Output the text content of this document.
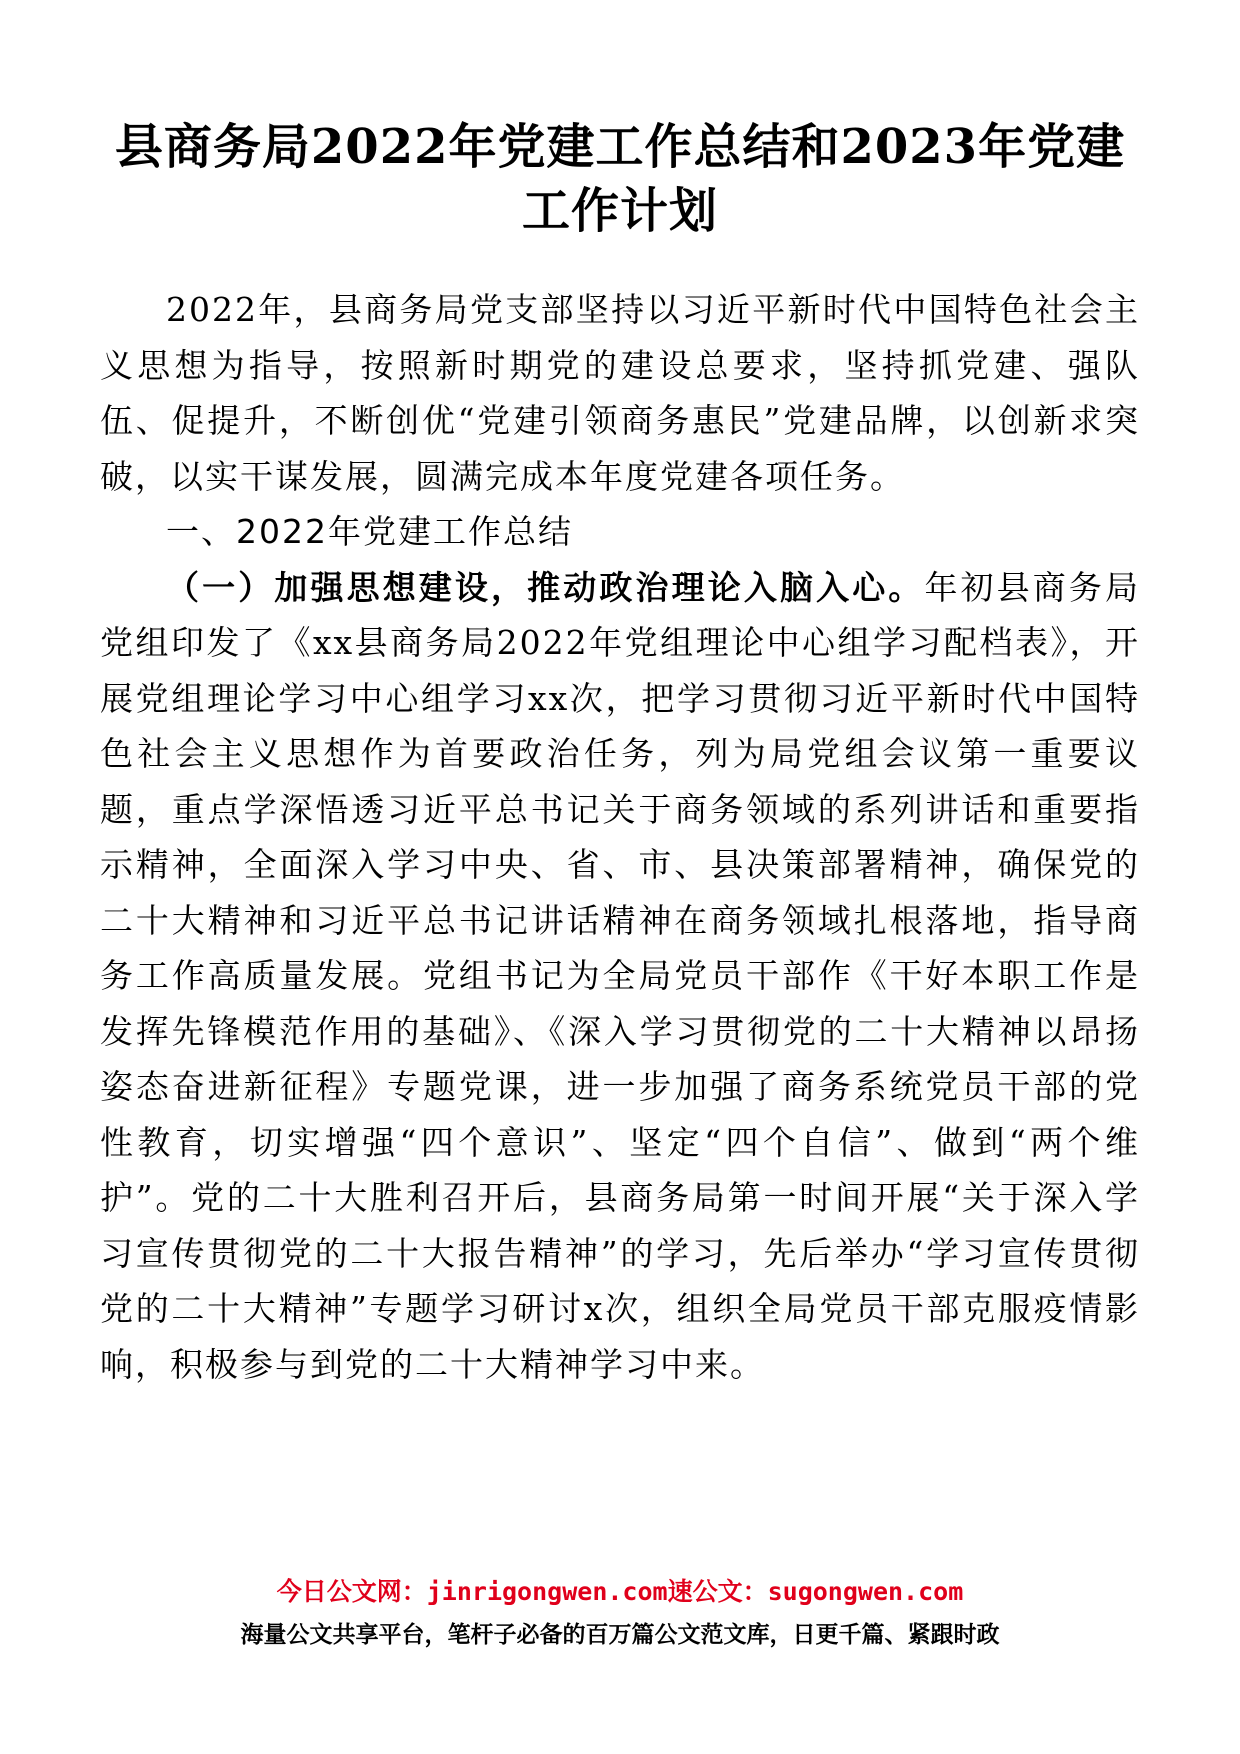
县商务局2022年党建工作总结和2023年党建工作计划

2022年，县商务局党支部坚持以习近平新时代中国特色社会主义思想为指导，按照新时期党的建设总要求，坚持抓党建、强队伍、促提升，不断创优“党建引领商务惠民”党建品牌，以创新求突破，以实干谋发展，圆满完成本年度党建各项任务。

一、2022年党建工作总结

（一）加强思想建设，推动政治理论入脑入心。年初县商务局党组印发了《xx县商务局2022年党组理论中心组学习配档表》，开展党组理论学习中心组学习xx次，把学习贯彻习近平新时代中国特色社会主义思想作为首要政治任务，列为局党组会议第一重要议题，重点学深悟透习近平总书记关于商务领域的系列讲话和重要指示精神，全面深入学习中央、省、市、县决策部署精神，确保党的二十大精神和习近平总书记讲话精神在商务领域扎根落地，指导商务工作高质量发展。党组书记为全局党员干部作《干好本职工作是发挥先锋模范作用的基础》、《深入学习贯彻党的二十大精神以昂扬姿态奋进新征程》专题党课，进一步加强了商务系统党员干部的党性教育，切实增强“四个意识”、坚定“四个自信”、做到“两个维护”。党的二十大胜利召开后，县商务局第一时间开展“关于深入学习宣传贯彻党的二十大报告精神”的学习，先后举办“学习宣传贯彻党的二十大精神”专题学习研讨x次，组织全局党员干部克服疫情影响，积极参与到党的二十大精神学习中来。

今日公文网：jinrigongwen.com速公文：sugongwen.com
海量公文共享平台，笔杆子必备的百万篇公文范文库，日更千篇、紧跟时政
